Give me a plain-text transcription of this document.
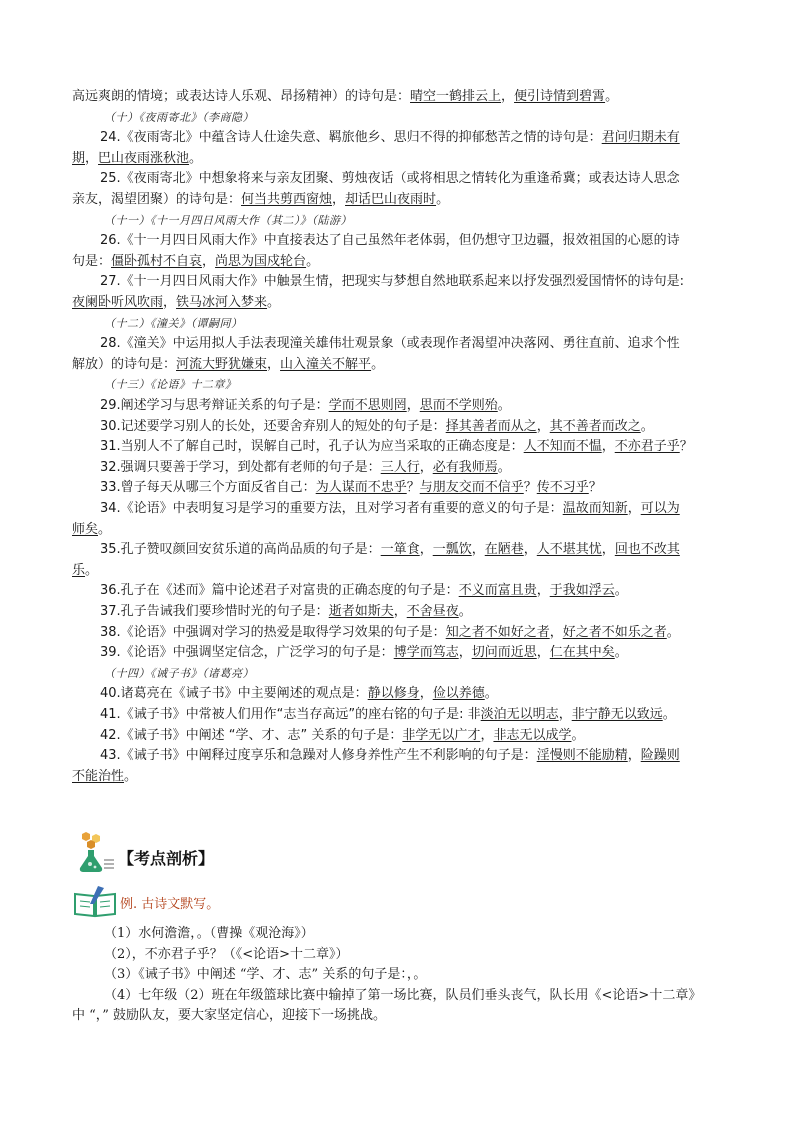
高远爽朗的情境；或表达诗人乐观、昂扬精神）的诗句是：晴空一鹤排云上，便引诗情到碧霄。
（十）《夜雨寄北》（李商隐）
24.《夜雨寄北》中蕴含诗人仕途失意、羁旅他乡、思归不得的抑郁愁苦之情的诗句是：君问归期未有
期，巴山夜雨涨秋池。
25.《夜雨寄北》中想象将来与亲友团聚、剪烛夜话（或将相思之情转化为重逢希冀；或表达诗人思念
亲友，渴望团聚）的诗句是：何当共剪西窗烛，却话巴山夜雨时。
（十一）《十一月四日风雨大作（其二）》（陆游）
26.《十一月四日风雨大作》中直接表达了自己虽然年老体弱，但仍想守卫边疆，报效祖国的心愿的诗
句是：僵卧孤村不自哀，尚思为国戍轮台。
27.《十一月四日风雨大作》中触景生情，把现实与梦想自然地联系起来以抒发强烈爱国情怀的诗句是:
夜阑卧听风吹雨，铁马冰河入梦来。
（十二）《潼关》（谭嗣同）
28.《潼关》中运用拟人手法表现潼关雄伟壮观景象（或表现作者渴望冲决落网、勇往直前、追求个性
解放）的诗句是：河流大野犹嫌束，山入潼关不解平。
（十三）《论语》十二章》
29.阐述学习与思考辩证关系的句子是：学而不思则罔，思而不学则殆。
30.记述要学习别人的长处，还要舍弃别人的短处的句子是：择其善者而从之，其不善者而改之。
31.当别人不了解自己时，误解自己时，孔子认为应当采取的正确态度是：人不知而不愠，不亦君子乎？
32.强调只要善于学习，到处都有老师的句子是：三人行，必有我师焉。
33.曾子每天从哪三个方面反省自己：为人谋而不忠乎？与朋友交而不信乎？传不习乎？
34.《论语》中表明复习是学习的重要方法，且对学习者有重要的意义的句子是：温故而知新，可以为
师矣。
35.孔子赞叹颜回安贫乐道的高尚品质的句子是：一箪食，一瓢饮，在陋巷，人不堪其忧，回也不改其
乐。
36.孔子在《述而》篇中论述君子对富贵的正确态度的句子是：不义而富且贵，于我如浮云。
37.孔子告诫我们要珍惜时光的句子是：逝者如斯夫，不舍昼夜。
38.《论语》中强调对学习的热爱是取得学习效果的句子是：知之者不如好之者，好之者不如乐之者。
39.《论语》中强调坚定信念，广泛学习的句子是：博学而笃志，切问而近思，仁在其中矣。
（十四）《诫子书》（诸葛亮）
40.诸葛亮在《诫子书》中主要阐述的观点是：静以修身，俭以养德。
41.《诫子书》中常被人们用作“志当存高远”的座右铭的句子是: 非淡泊无以明志，非宁静无以致远。
42.《诫子书》中阐述 “学、才、志” 关系的句子是：非学无以广才，非志无以成学。
43.《诫子书》中阐释过度享乐和急躁对人修身养性产生不利影响的句子是：淫慢则不能励精，险躁则
不能治性。
【考点剖析】
例. 古诗文默写。
（1）水何澹澹，。（曹操《观沧海》）
（2），不亦君子乎？（《<论语>十二章》）
（3）《诫子书》中阐述 “学、才、志” 关系的句子是：，。
（4）七年级（2）班在年级篮球比赛中输掉了第一场比赛，队员们垂头丧气，队长用《<论语>十二章》
中 “，” 鼓励队友，要大家坚定信心，迎接下一场挑战。
